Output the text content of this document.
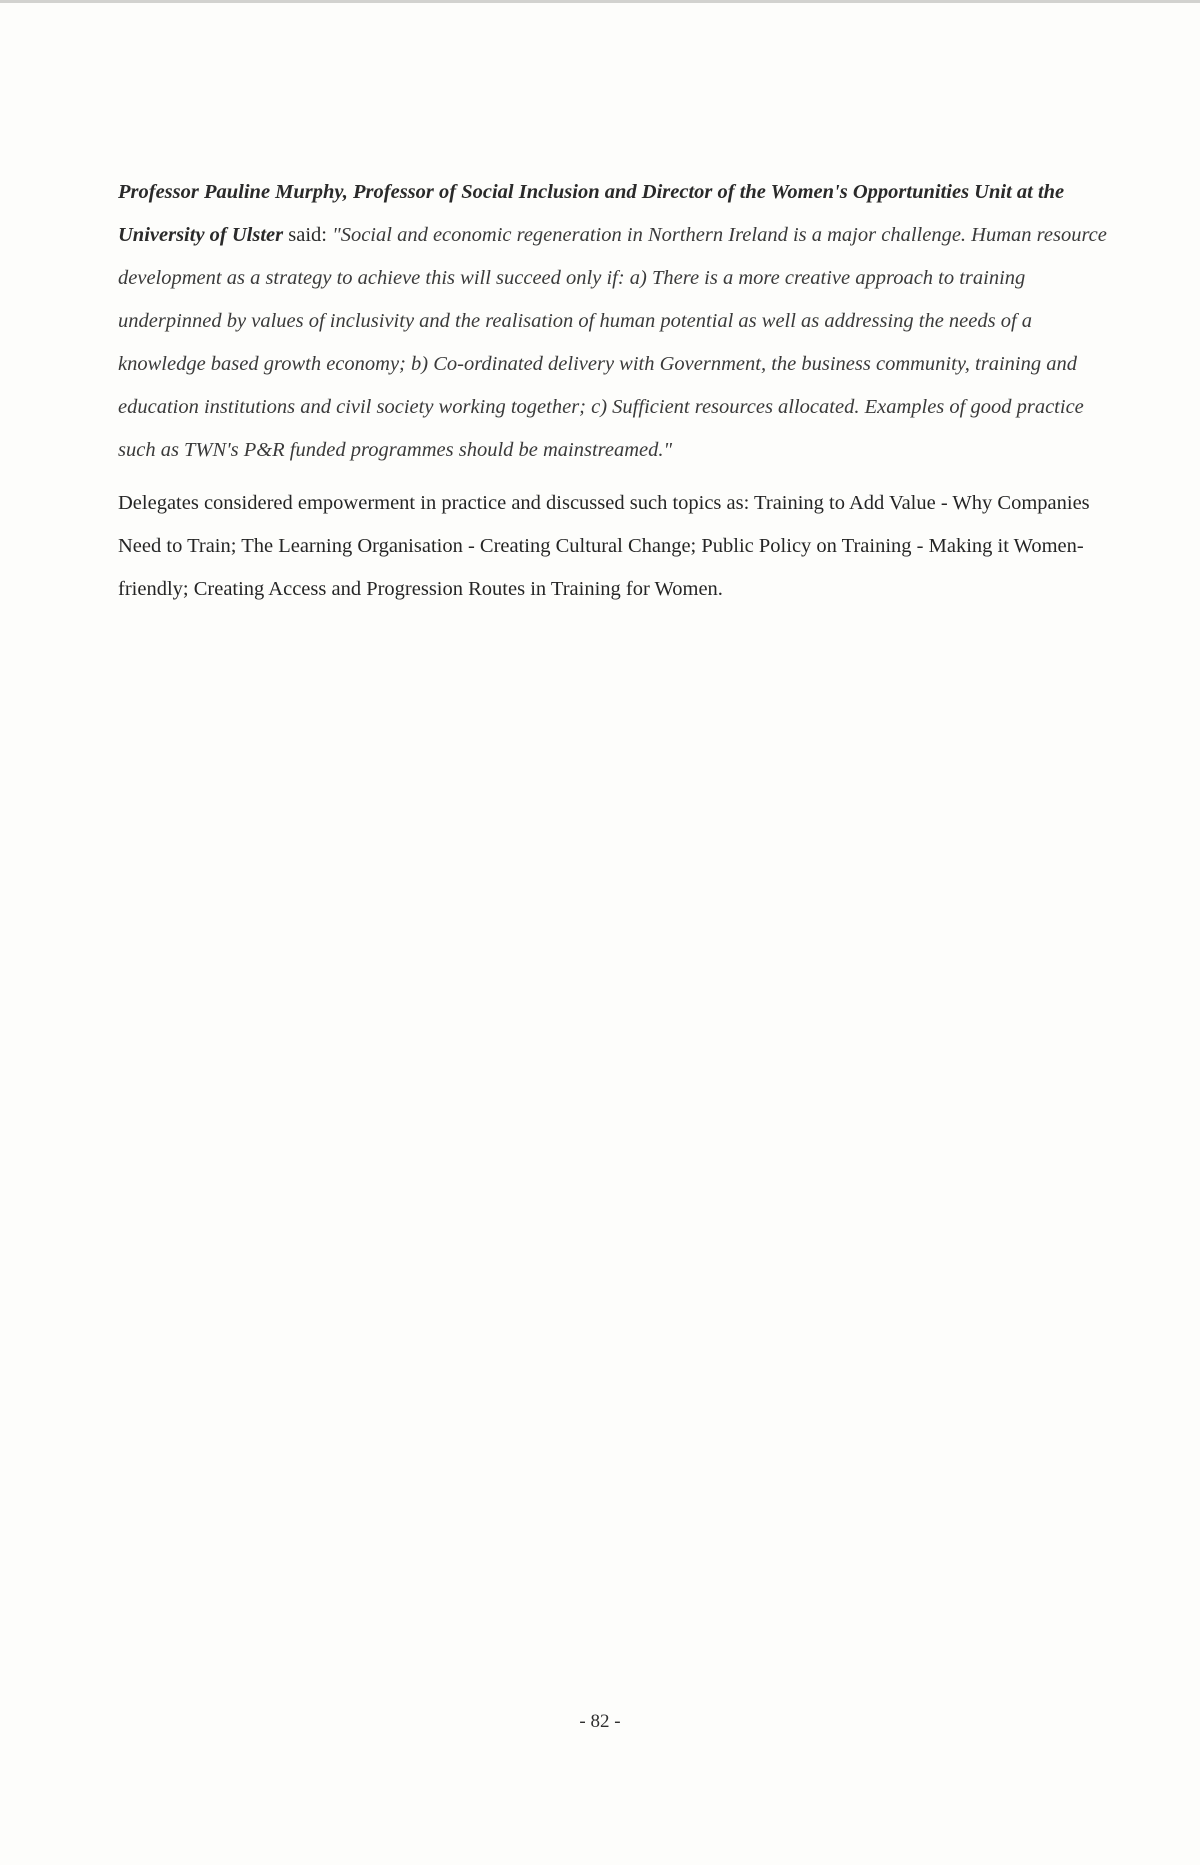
Professor Pauline Murphy, Professor of Social Inclusion and Director of the Women's Opportunities Unit at the University of Ulster said: "Social and economic regeneration in Northern Ireland is a major challenge. Human resource development as a strategy to achieve this will succeed only if: a) There is a more creative approach to training underpinned by values of inclusivity and the realisation of human potential as well as addressing the needs of a knowledge based growth economy; b) Co-ordinated delivery with Government, the business community, training and education institutions and civil society working together; c) Sufficient resources allocated. Examples of good practice such as TWN's P&R funded programmes should be mainstreamed."

Delegates considered empowerment in practice and discussed such topics as: Training to Add Value - Why Companies Need to Train; The Learning Organisation - Creating Cultural Change; Public Policy on Training - Making it Women-friendly; Creating Access and Progression Routes in Training for Women.

- 82 -
